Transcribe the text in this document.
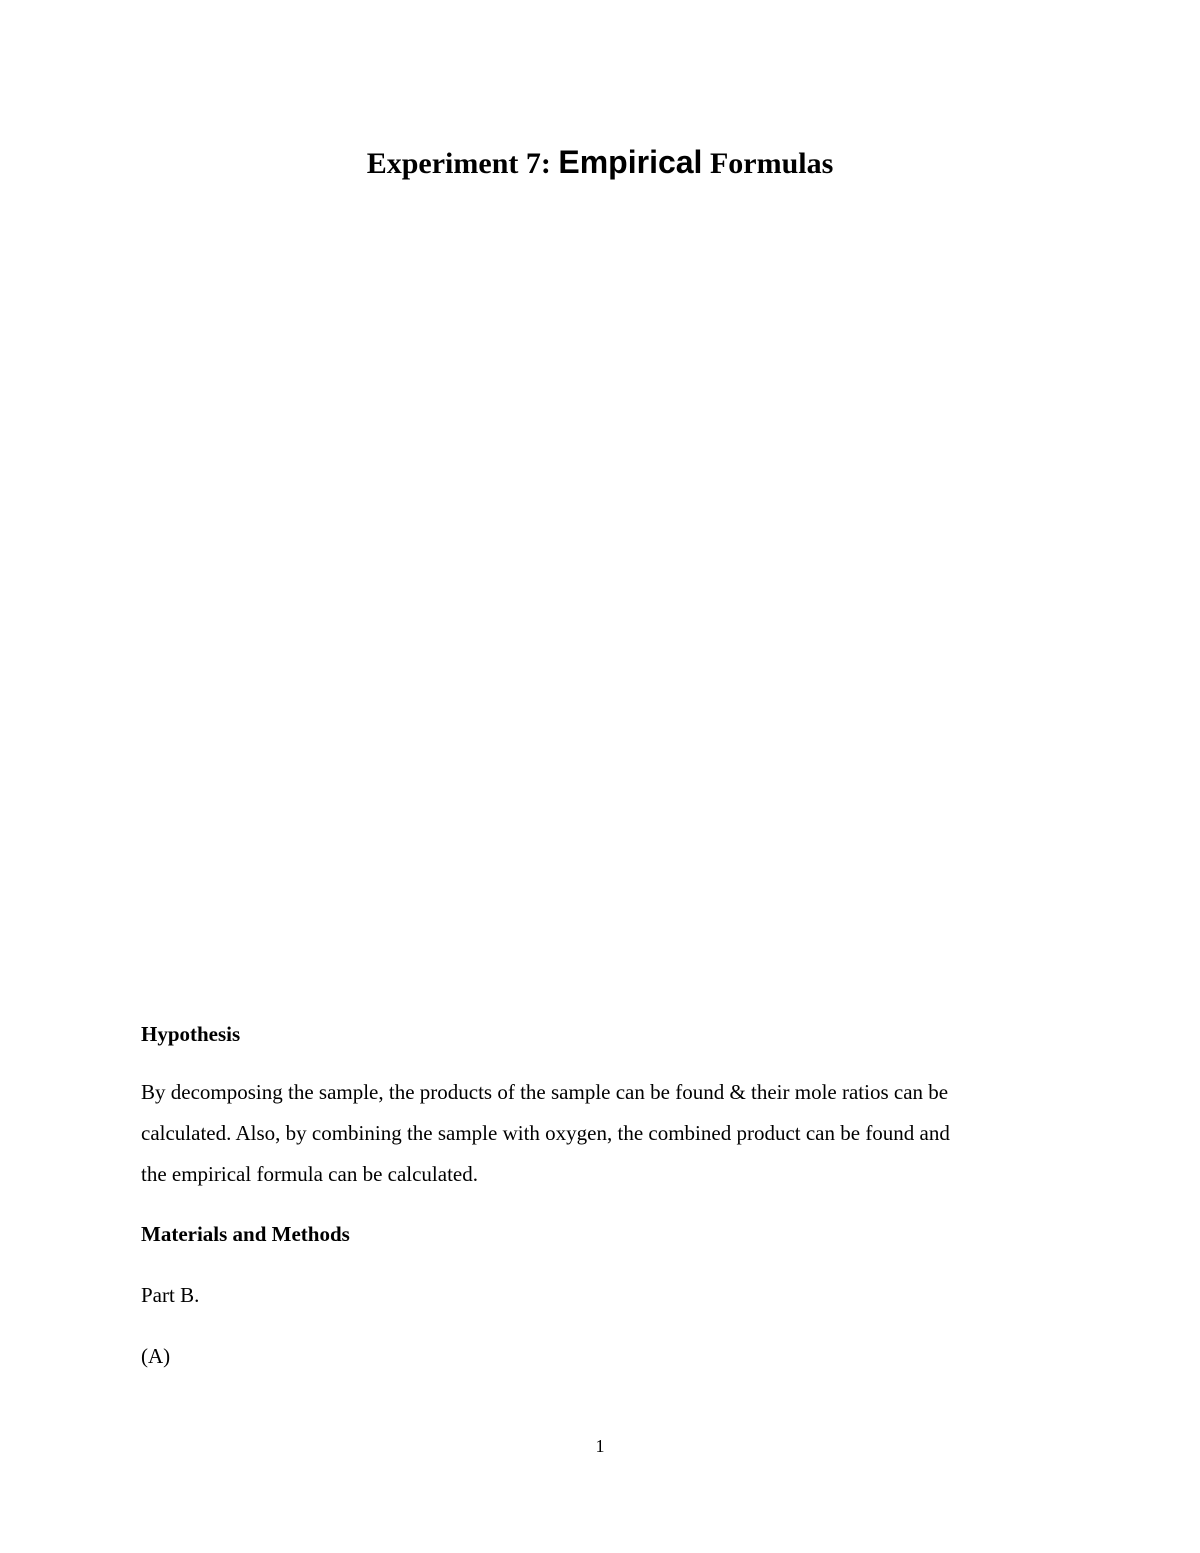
Experiment 7: Empirical Formulas
Hypothesis
By decomposing the sample, the products of the sample can be found & their mole ratios can be
calculated. Also, by combining the sample with oxygen, the combined product can be found and
the empirical formula can be calculated.
Materials and Methods
Part B.
(A)
1
